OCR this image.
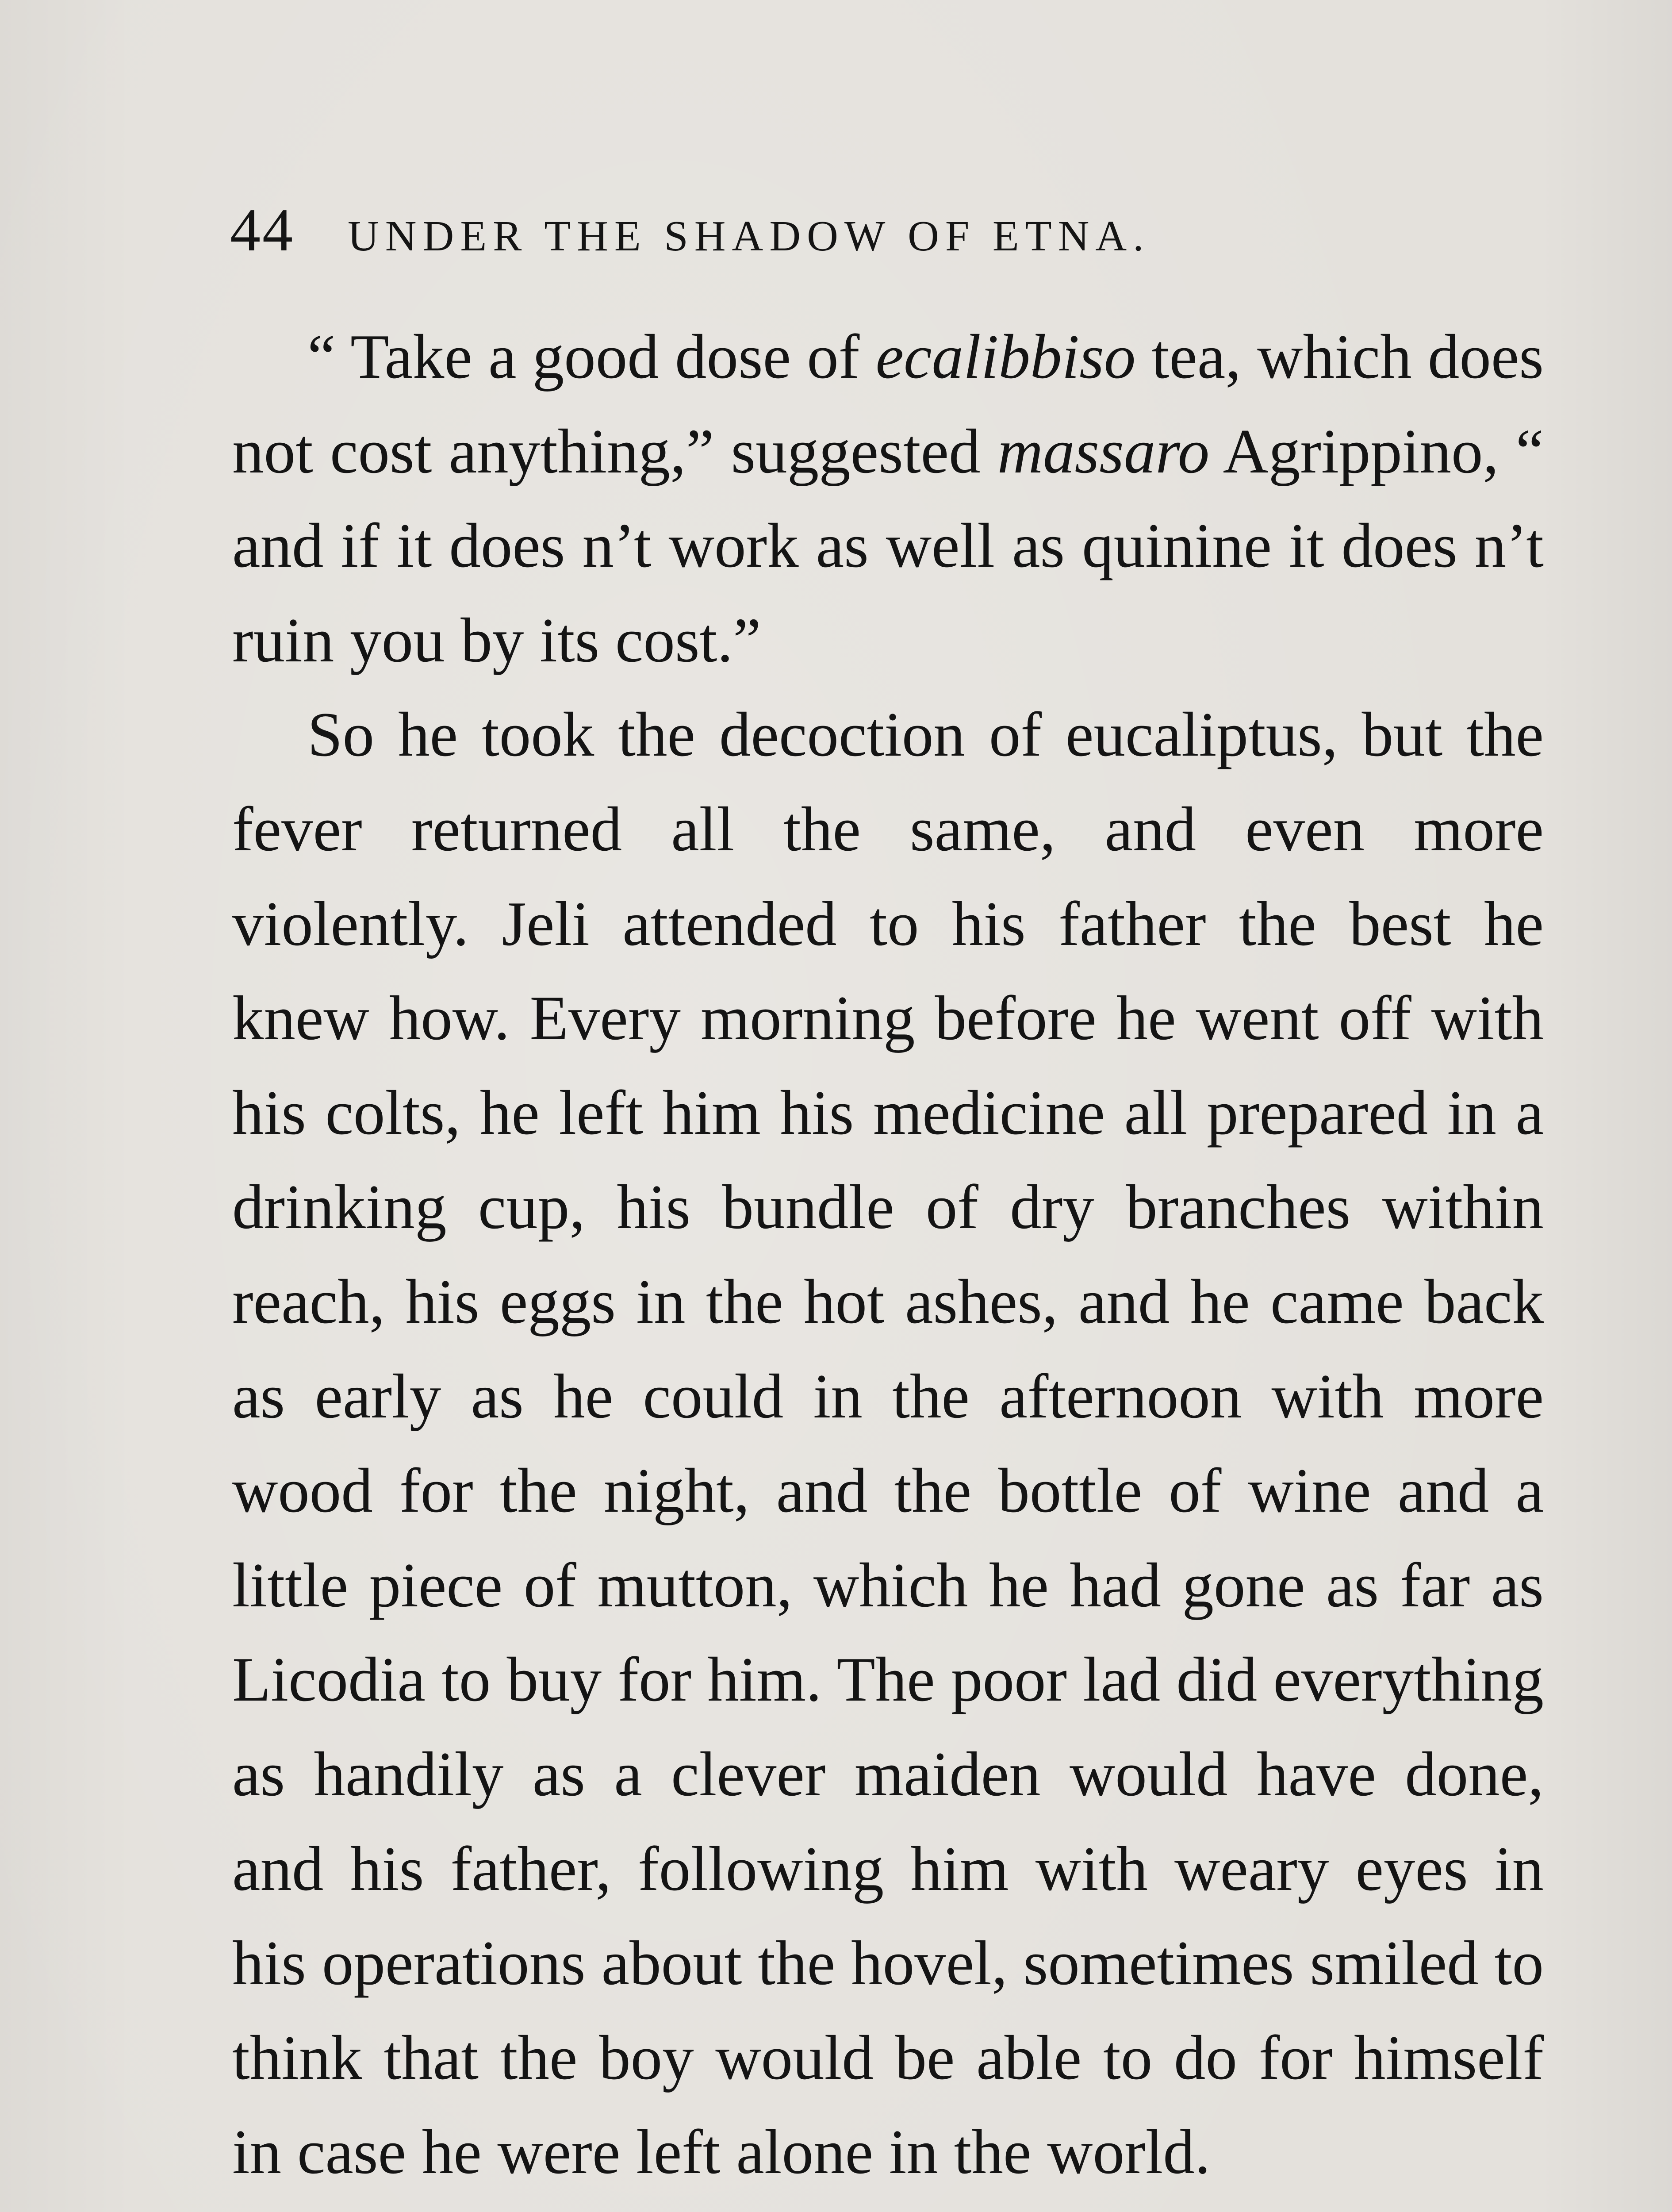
44 UNDER THE SHADOW OF ETNA.

“ Take a good dose of ecalibbiso tea, which does not cost anything,” suggested massaro Agrippino, “ and if it does n’t work as well as quinine it does n’t ruin you by its cost.”

So he took the decoction of eucaliptus, but the fever returned all the same, and even more violently. Jeli attended to his father the best he knew how. Every morning before he went off with his colts, he left him his medicine all prepared in a drinking cup, his bundle of dry branches within reach, his eggs in the hot ashes, and he came back as early as he could in the afternoon with more wood for the night, and the bottle of wine and a little piece of mutton, which he had gone as far as Licodia to buy for him. The poor lad did everything as handily as a clever maiden would have done, and his father, following him with weary eyes in his operations about the hovel, sometimes smiled to think that the boy would be able to do for himself in case he were left alone in the world.
